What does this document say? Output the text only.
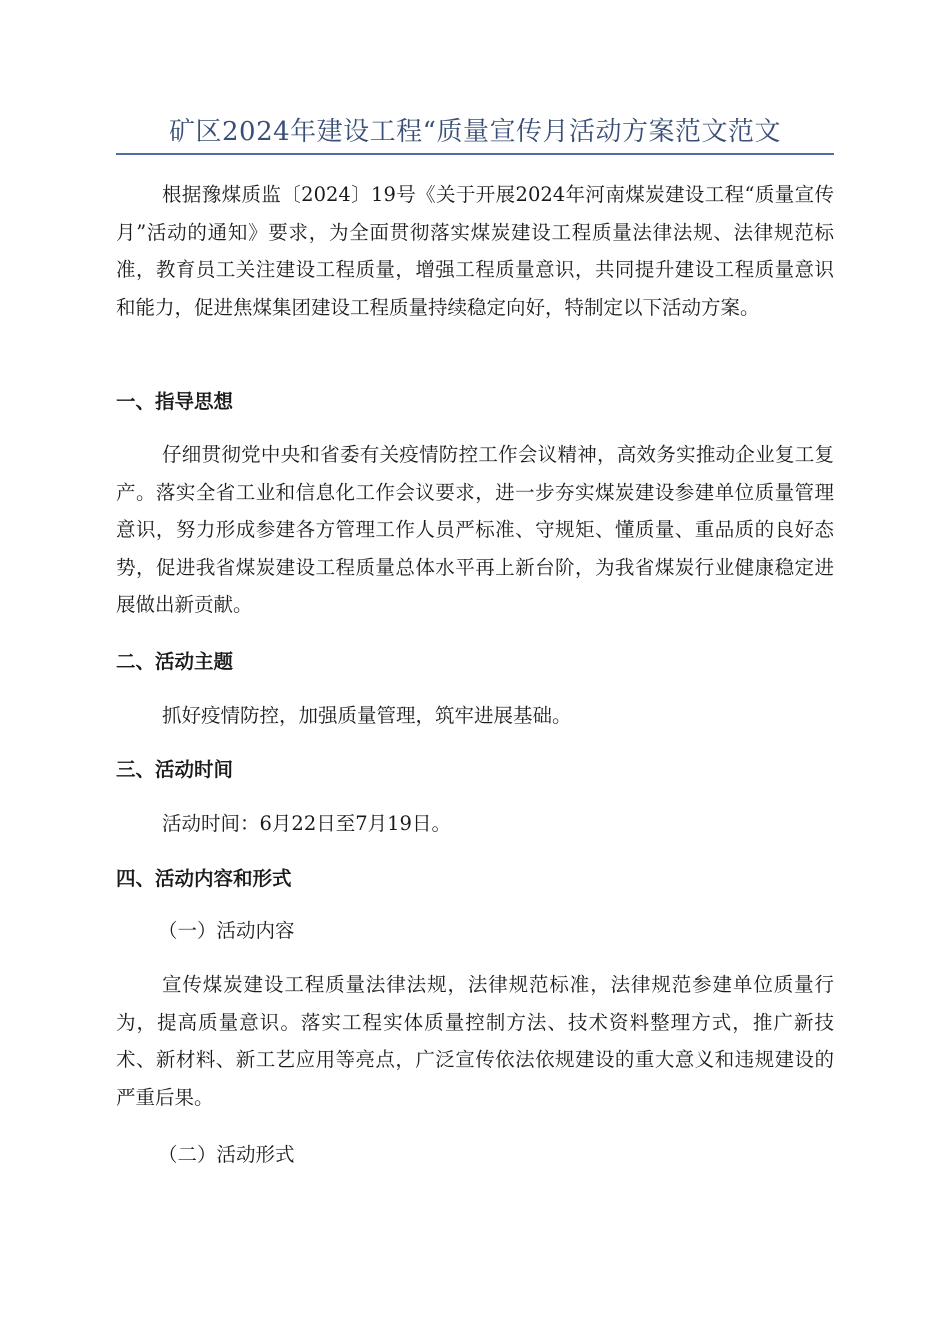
矿区2024年建设工程“质量宣传月活动方案范文范文

根据豫煤质监〔2024〕19号《关于开展2024年河南煤炭建设工程“质量宣传月”活动的通知》要求，为全面贯彻落实煤炭建设工程质量法律法规、法律规范标准，教育员工关注建设工程质量，增强工程质量意识，共同提升建设工程质量意识和能力，促进焦煤集团建设工程质量持续稳定向好，特制定以下活动方案。

一、指导思想

仔细贯彻党中央和省委有关疫情防控工作会议精神，高效务实推动企业复工复产。落实全省工业和信息化工作会议要求，进一步夯实煤炭建设参建单位质量管理意识，努力形成参建各方管理工作人员严标准、守规矩、懂质量、重品质的良好态势，促进我省煤炭建设工程质量总体水平再上新台阶，为我省煤炭行业健康稳定进展做出新贡献。

二、活动主题

抓好疫情防控，加强质量管理，筑牢进展基础。

三、活动时间

活动时间：6月22日至7月19日。

四、活动内容和形式
（一）活动内容

宣传煤炭建设工程质量法律法规，法律规范标准，法律规范参建单位质量行为，提高质量意识。落实工程实体质量控制方法、技术资料整理方式，推广新技术、新材料、新工艺应用等亮点，广泛宣传依法依规建设的重大意义和违规建设的严重后果。

（二）活动形式
